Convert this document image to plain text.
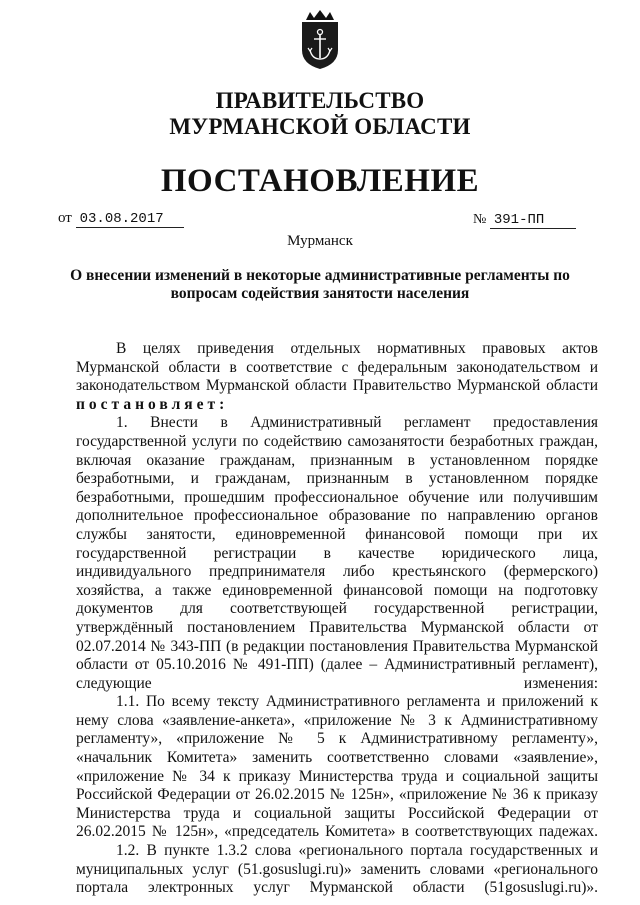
ПРАВИТЕЛЬСТВО
МУРМАНСКОЙ ОБЛАСТИ
ПОСТАНОВЛЕНИЕ
от 03.08.2017	№ 391-ПП
Мурманск
О внесении изменений в некоторые административные регламенты по
вопросам содействия занятости населения

В целях приведения отдельных нормативных правовых актов Мурманской области в соответствие с федеральным законодательством и законодательством Мурманской области Правительство Мурманской области

постановляет:

1. Внести в Административный регламент предоставления государственной услуги по содействию самозанятости безработных граждан, включая оказание гражданам, признанным в установленном порядке безработными, и гражданам, признанным в установленном порядке безработными, прошедшим профессиональное обучение или получившим дополнительное профессиональное образование по направлению органов службы занятости, единовременной финансовой помощи при их государственной регистрации в качестве юридического лица, индивидуального предпринимателя либо крестьянского (фермерского) хозяйства, а также единовременной финансовой помощи на подготовку документов для соответствующей государственной регистрации, утверждённый постановлением Правительства Мурманской области от 02.07.2014 № 343-ПП (в редакции постановления Правительства Мурманской области от 05.10.2016 № 491-ПП) (далее – Административный регламент), следующие изменения:

1.1. По всему тексту Административного регламента и приложений к нему слова «заявление-анкета», «приложение № 3 к Административному регламенту», «приложение № 5 к Административному регламенту», «начальник Комитета» заменить соответственно словами «заявление», «приложение № 34 к приказу Министерства труда и социальной защиты Российской Федерации от 26.02.2015 № 125н», «приложение № 36 к приказу Министерства труда и социальной защиты Российской Федерации от 26.02.2015 № 125н», «председатель Комитета» в соответствующих падежах.

1.2. В пункте 1.3.2 слова «регионального портала государственных и муниципальных услуг (51.gosuslugi.ru)» заменить словами «регионального портала электронных услуг Мурманской области (51gosuslugi.ru)».
